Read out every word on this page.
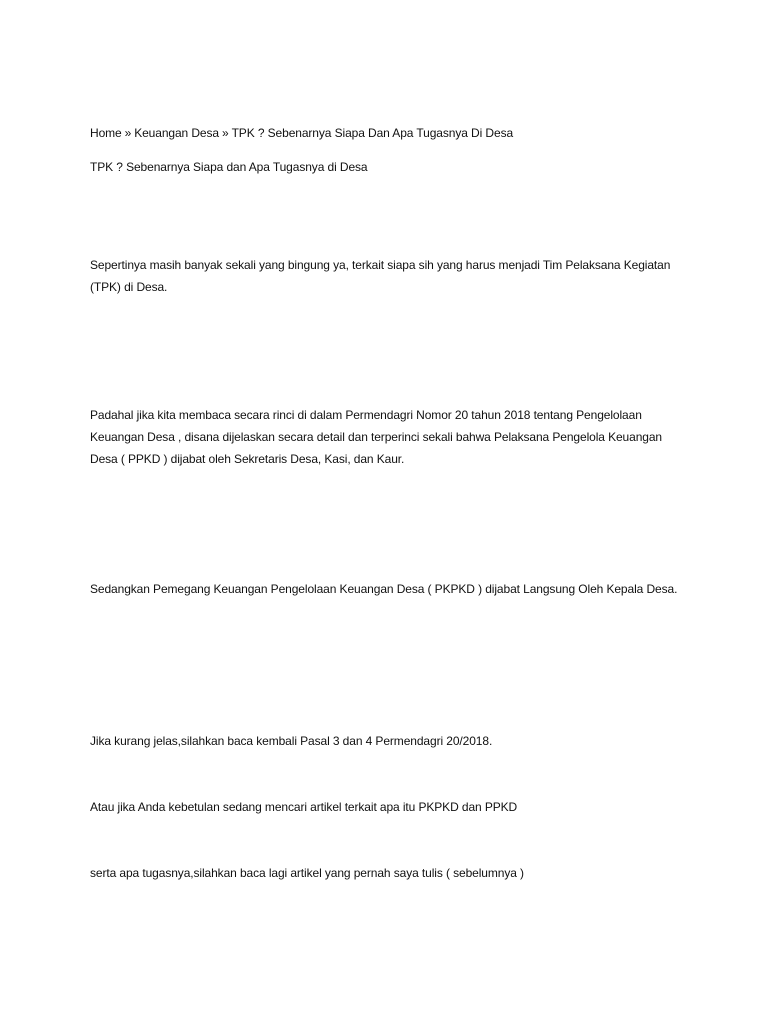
Home » Keuangan Desa » TPK ? Sebenarnya Siapa Dan Apa Tugasnya Di Desa

TPK ? Sebenarnya Siapa dan Apa Tugasnya di Desa

Sepertinya masih banyak sekali yang bingung ya, terkait siapa sih yang harus menjadi Tim Pelaksana Kegiatan (TPK) di Desa.

Padahal jika kita membaca secara rinci di dalam Permendagri Nomor 20 tahun 2018 tentang Pengelolaan Keuangan Desa , disana dijelaskan secara detail dan terperinci sekali bahwa Pelaksana Pengelola Keuangan Desa ( PPKD ) dijabat oleh Sekretaris Desa, Kasi, dan Kaur.

Sedangkan Pemegang Keuangan Pengelolaan Keuangan Desa ( PKPKD ) dijabat Langsung Oleh Kepala Desa.

Jika kurang jelas,silahkan baca kembali Pasal 3 dan 4 Permendagri 20/2018.

Atau jika Anda kebetulan sedang mencari artikel terkait apa itu PKPKD dan PPKD

serta apa tugasnya,silahkan baca lagi artikel yang pernah saya tulis ( sebelumnya )
